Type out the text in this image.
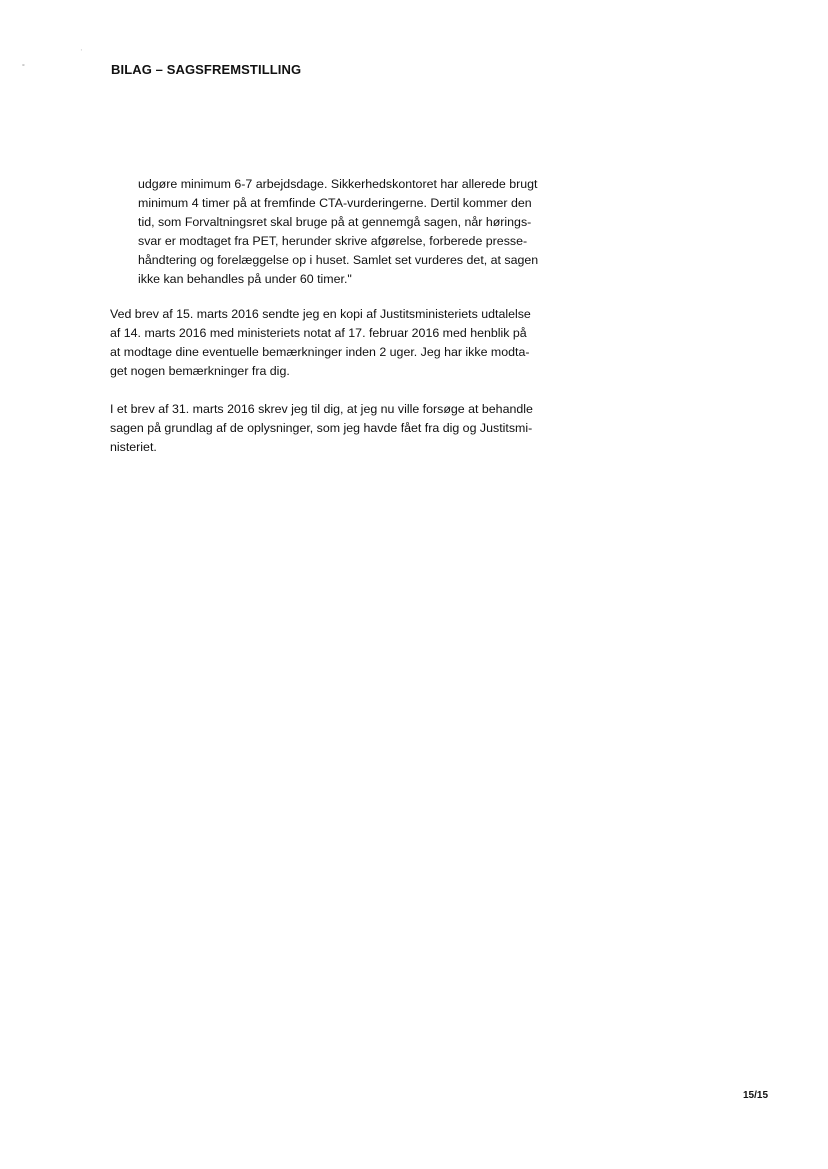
ˌ
°	BILAG – SAGSFREMSTILLING
udgøre minimum 6-7 arbejdsdage. Sikkerhedskontoret har allerede brugt
minimum 4 timer på at fremfinde CTA-vurderingerne. Dertil kommer den
tid, som Forvaltningsret skal bruge på at gennemgå sagen, når hørings-
svar er modtaget fra PET, herunder skrive afgørelse, forberede presse-
håndtering og forelæggelse op i huset. Samlet set vurderes det, at sagen
ikke kan behandles på under 60 timer."
Ved brev af 15. marts 2016 sendte jeg en kopi af Justitsministeriets udtalelse
af 14. marts 2016 med ministeriets notat af 17. februar 2016 med henblik på
at modtage dine eventuelle bemærkninger inden 2 uger. Jeg har ikke modta-
get nogen bemærkninger fra dig.
I et brev af 31. marts 2016 skrev jeg til dig, at jeg nu ville forsøge at behandle
sagen på grundlag af de oplysninger, som jeg havde fået fra dig og Justitsmi-
nisteriet.
15/15
